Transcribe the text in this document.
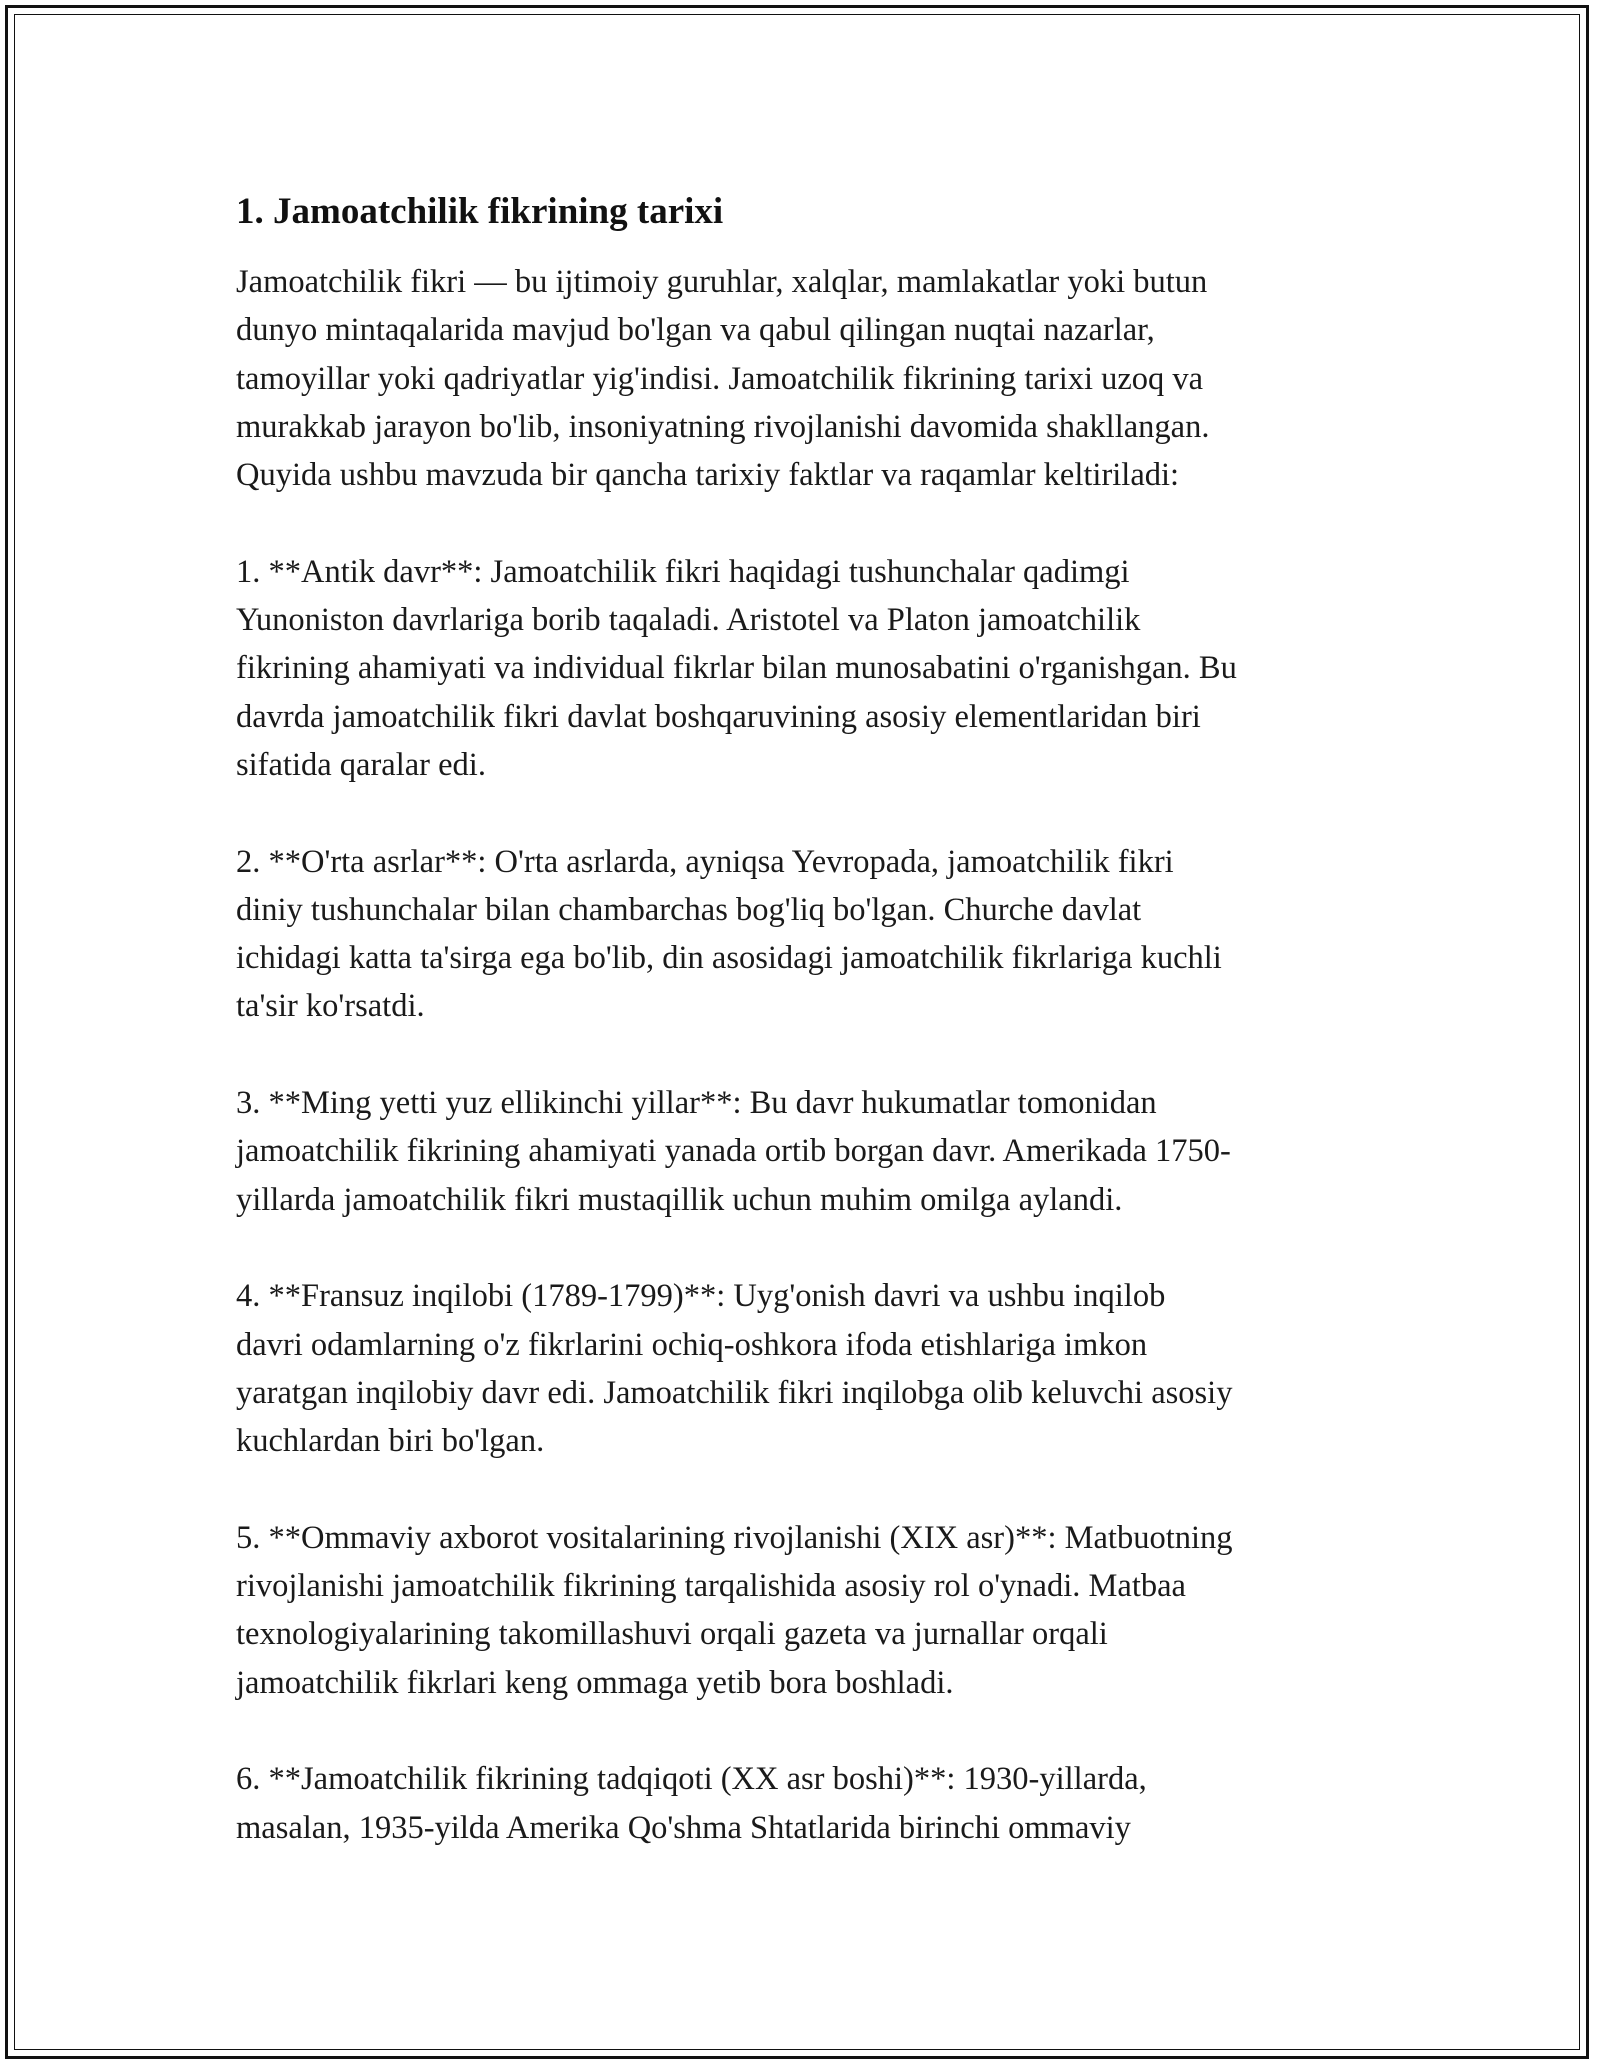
1. Jamoatchilik fikrining tarixi

Jamoatchilik fikri — bu ijtimoiy guruhlar, xalqlar, mamlakatlar yoki butun
dunyo mintaqalarida mavjud bo'lgan va qabul qilingan nuqtai nazarlar,
tamoyillar yoki qadriyatlar yig'indisi. Jamoatchilik fikrining tarixi uzoq va
murakkab jarayon bo'lib, insoniyatning rivojlanishi davomida shakllangan.
Quyida ushbu mavzuda bir qancha tarixiy faktlar va raqamlar keltiriladi:

1. **Antik davr**: Jamoatchilik fikri haqidagi tushunchalar qadimgi
Yunoniston davrlariga borib taqaladi. Aristotel va Platon jamoatchilik
fikrining ahamiyati va individual fikrlar bilan munosabatini o'rganishgan. Bu
davrda jamoatchilik fikri davlat boshqaruvining asosiy elementlaridan biri
sifatida qaralar edi.

2. **O'rta asrlar**: O'rta asrlarda, ayniqsa Yevropada, jamoatchilik fikri
diniy tushunchalar bilan chambarchas bog'liq bo'lgan. Churche davlat
ichidagi katta ta'sirga ega bo'lib, din asosidagi jamoatchilik fikrlariga kuchli
ta'sir ko'rsatdi.

3. **Ming yetti yuz ellikinchi yillar**: Bu davr hukumatlar tomonidan
jamoatchilik fikrining ahamiyati yanada ortib borgan davr. Amerikada 1750-
yillarda jamoatchilik fikri mustaqillik uchun muhim omilga aylandi.

4. **Fransuz inqilobi (1789-1799)**: Uyg'onish davri va ushbu inqilob
davri odamlarning o'z fikrlarini ochiq-oshkora ifoda etishlariga imkon
yaratgan inqilobiy davr edi. Jamoatchilik fikri inqilobga olib keluvchi asosiy
kuchlardan biri bo'lgan.

5. **Ommaviy axborot vositalarining rivojlanishi (XIX asr)**: Matbuotning
rivojlanishi jamoatchilik fikrining tarqalishida asosiy rol o'ynadi. Matbaa
texnologiyalarining takomillashuvi orqali gazeta va jurnallar orqali
jamoatchilik fikrlari keng ommaga yetib bora boshladi.

6. **Jamoatchilik fikrining tadqiqoti (XX asr boshi)**: 1930-yillarda,
masalan, 1935-yilda Amerika Qo'shma Shtatlarida birinchi ommaviy
